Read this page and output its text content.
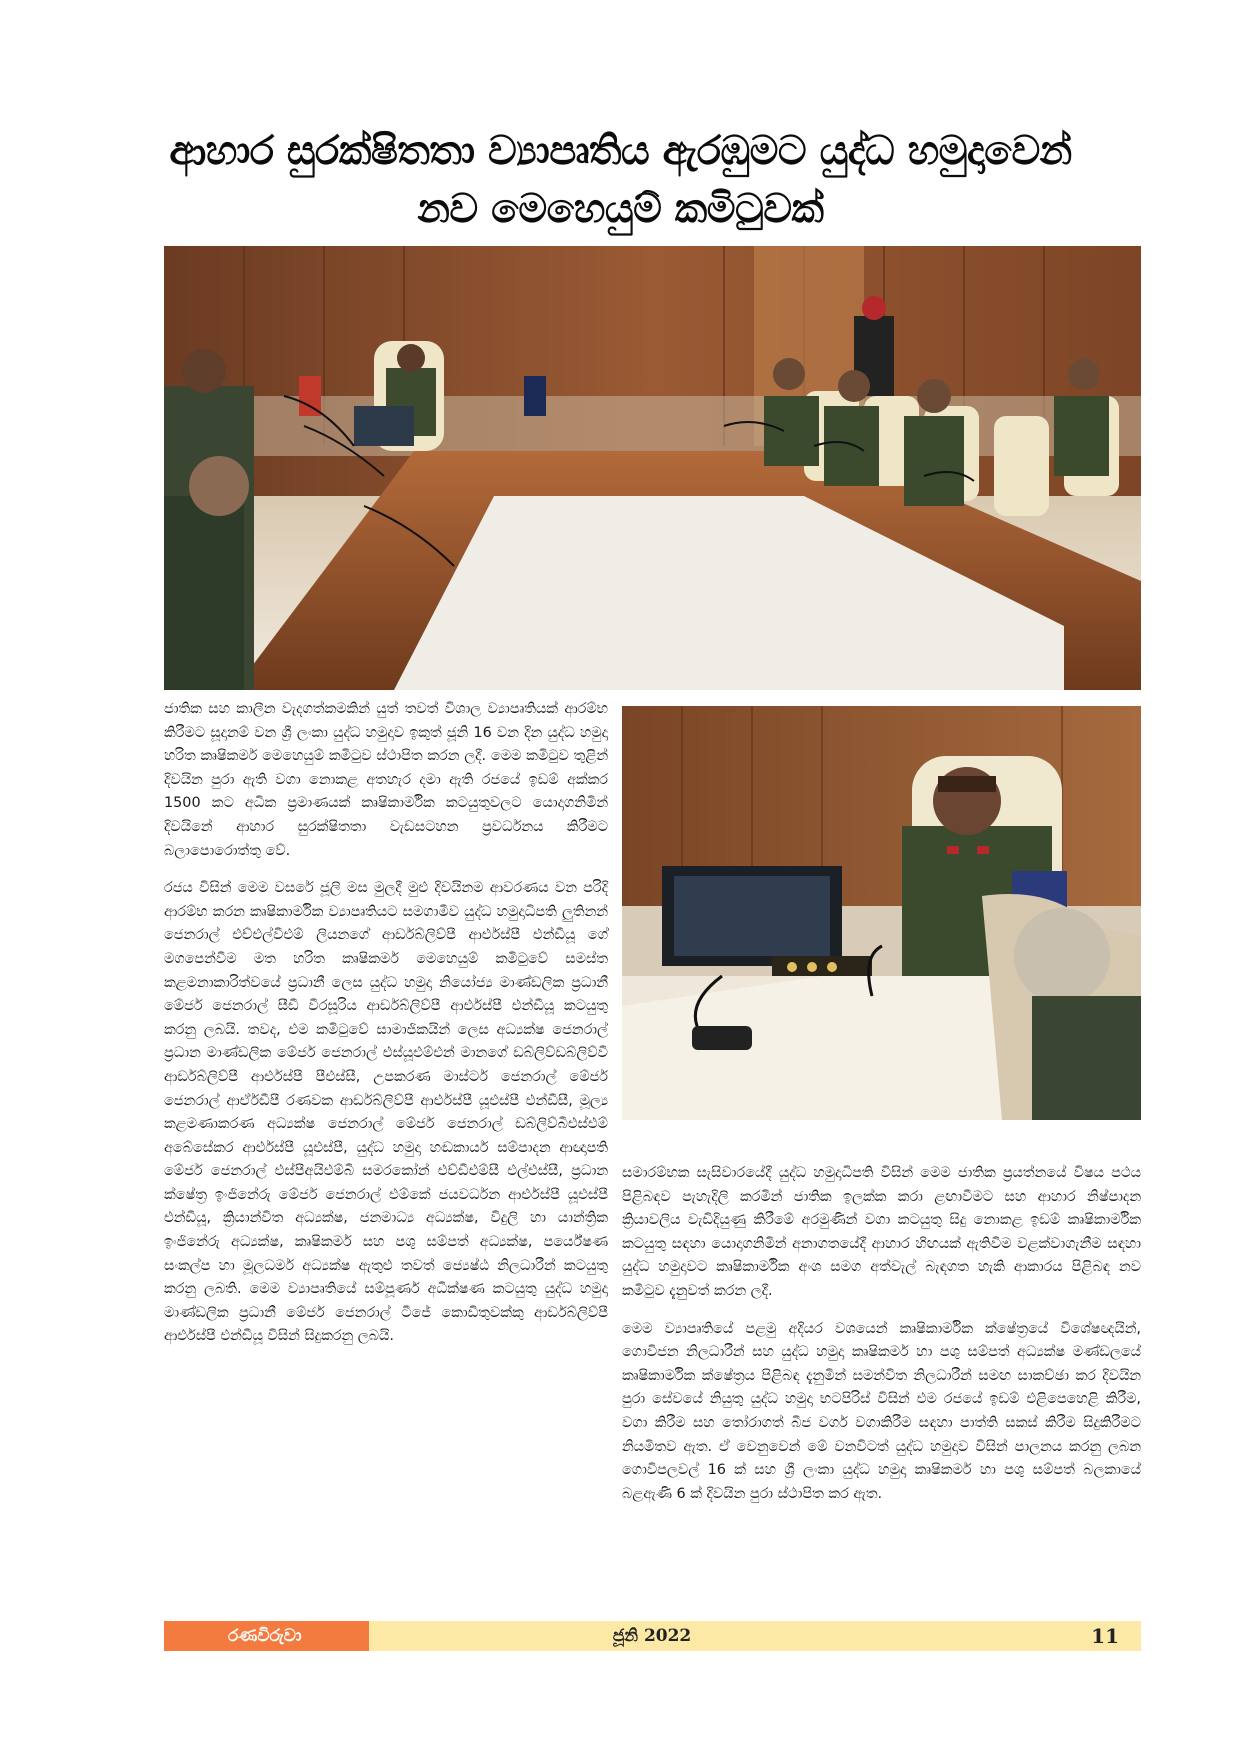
ආහාර සුරක්ෂිතතා ව්‍යාපෘතිය ඇරඹුමට යුද්ධ හමුදාවෙන්
නව මෙහෙයුම් කමිටුවක්

ජාතික සහ කාලීන වැදගත්කමකින් යුත් තවත් විශාල ව්‍යාපෘතියක් ආරම්භ කිරීමට සූදානම් වන ශ්‍රී ලංකා යුද්ධ හමුදාව ඉකුත් ජූනි 16 වන දින යුද්ධ හමුදා හරිත කෘෂිකර්ම මෙහෙයුම් කමිටුව ස්ථාපිත කරන ලදී. මෙම කමිටුව තුළින් දිවයින පුරා ඇති වගා නොකළ අතහැර දමා ඇති රජයේ ඉඩම් අක්කර 1500 කට අධික ප්‍රමාණයක් කෘෂිකාර්මික කටයුතුවලට යොදාගනිමින් දිවයිනේ ආහාර සුරක්ෂිතතා වැඩසටහන ප්‍රවර්ධනය කිරීමට බලාපොරොත්තු වේ.

රජය විසින් මෙම වසරේ ජූලි මස මුලදී මුළු දිවයිනම ආවරණය වන පරිදි ආරම්භ කරන කෘෂිකාර්මික ව්‍යාපෘතියට සමගාමීව යුද්ධ හමුදාධිපති ලුතිනන් ජෙනරාල් එච්එල්වීඑම් ලියනගේ ආර්ඩබ්ලිව්පී ආර්එස්පී එන්ඩීයූ ගේ මගපෙන්වීම මත හරිත කෘෂිකර්ම මෙහෙයුම් කමිටුවේ සමස්ත කළමනාකාරිත්වයේ ප්‍රධානී ලෙස යුද්ධ හමුදා නියෝජ්‍ය මාණ්ඩලික ප්‍රධානී මේජර් ජෙනරාල් සීඩී වීරසූරිය ආර්ඩබ්ලිව්පී ආර්එස්පී එන්ඩීයූ කටයුතු කරනු ලබයි. තවද, එම කමිටුවේ සාමාජිකයින් ලෙස අධ්‍යක්ෂ ජෙනරාල් ප්‍රධාන මාණ්ඩලික මේජර් ජෙනරාල් එස්යූඑම්එන් මානගේ ඩබ්ලිව්ඩබ්ලිව්වී ආර්ඩබ්ලිව්පී ආර්එස්පී පීඑස්සී, උපකරණ මාස්ටර් ජෙනරාල් මේජර් ජෙනරාල් ආර්ඒඩීපී රණවක ආර්ඩබ්ලිව්පී ආර්එස්පී යූඑස්පී එන්ඩීසී, මූල්‍ය කළමණාකරණ අධ්‍යක්ෂ ජෙනරාල් මේජර් ජෙනරාල් ඩබ්ලිව්බීඑස්එම් අබේසේකර ආර්එස්පී යූඑස්පී, යුද්ධ හමුදා හඬකාර්ය සම්පාදන ආඥාපති මේජර් ජෙනරාල් එස්පීඅයිඑම්බී සමරකෝන් එච්ඩීඑම්සී එල්එස්සී, ප්‍රධාන ක්ෂේත්‍ර ඉංජිනේරු මේජර් ජෙනරාල් එම්කේ ජයවර්ධන ආර්එස්පී යූඑස්පී එන්ඩීයූ, ක්‍රියාන්විත අධ්‍යක්ෂ, ජනමාධ්‍ය අධ්‍යක්ෂ, විදුලි හා යාන්ත්‍රික ඉංජිනේරු අධ්‍යක්ෂ, කෘෂිකර්ම සහ පශු සම්පත් අධ්‍යක්ෂ, පර්යේෂණ සංකල්ප හා මූලධර්ම අධ්‍යක්ෂ ඇතුළු තවත් ජ්‍යෙෂ්ඨ නිලධාරීන් කටයුතු කරනු ලබති. මෙම ව්‍යාපෘතියේ සම්පූර්ණ අධීක්ෂණ කටයුතු යුද්ධ හමුදා මාණ්ඩලික ප්‍රධානී මේජර් ජෙනරාල් ටීජේ කොඩිතුවක්කු ආර්ඩබ්ලිව්පී ආර්එස්පී එන්ඩීයූ විසින් සිදුකරනු ලබයි.

සමාරම්භක සැසිවාරයේදී යුද්ධ හමුදාධිපති විසින් මෙම ජාතික ප්‍රයත්නයේ විෂය පථය පිළිබඳව පැහැදිලි කරමින් ජාතික ඉලක්ක කරා ළඟාවීමට සහ ආහාර නිෂ්පාදන ක්‍රියාවලිය වැඩිදියුණු කිරීමේ අරමුණින් වගා කටයුතු සිදු නොකළ ඉඩම් කෘෂිකාර්මික කටයුතු සඳහා යොදාගනිමින් අනාගතයේදී ආහාර හිඟයක් ඇතිවීම වළක්වාගැනීම සඳහා යුද්ධ හමුදාවට කෘෂිකාර්මික අංශ සමග අත්වැල් බැඳගත හැකි ආකාරය පිළිබඳ නව කමිටුව දැනුවත් කරන ලදී.

මෙම ව්‍යාපෘතියේ පළමු අදියර වශයෙන් කෘෂිකාර්මික ක්ෂේත්‍රයේ විශේෂඥයින්, ගොවිජන නිලධාරීන් සහ යුද්ධ හමුදා කෘෂිකර්ම හා පශු සම්පත් අධ්‍යක්ෂ මණ්ඩලයේ කෘෂිකාර්මික ක්ෂේත්‍රය පිළිබඳ දැනුමින් සමන්විත නිලධාරීන් සමඟ සාකච්ඡා කර දිවයින පුරා සේවයේ නියුතු යුද්ධ හමුදා භටපිරිස් විසින් එම රජයේ ඉඩම් එළිපෙහෙළි කිරීම, වගා කිරීම සහ තෝරාගත් බීජ වර්ග වගාකිරීම සඳහා පාත්ති සකස් කිරීම සිදුකිරීමට නියමිතව ඇත. ඒ වෙනුවෙන් මේ වනවිටත් යුද්ධ හමුදාව විසින් පාලනය කරනු ලබන ගොවිපලවල් 16 ක් සහ ශ්‍රී ලංකා යුද්ධ හමුදා කෘෂිකර්ම හා පශු සම්පත් බලකායේ බළඇණි 6 ක් දිවයින පුරා ස්ථාපිත කර ඇත.

රණවිරුවා	ජූනි 2022	11
